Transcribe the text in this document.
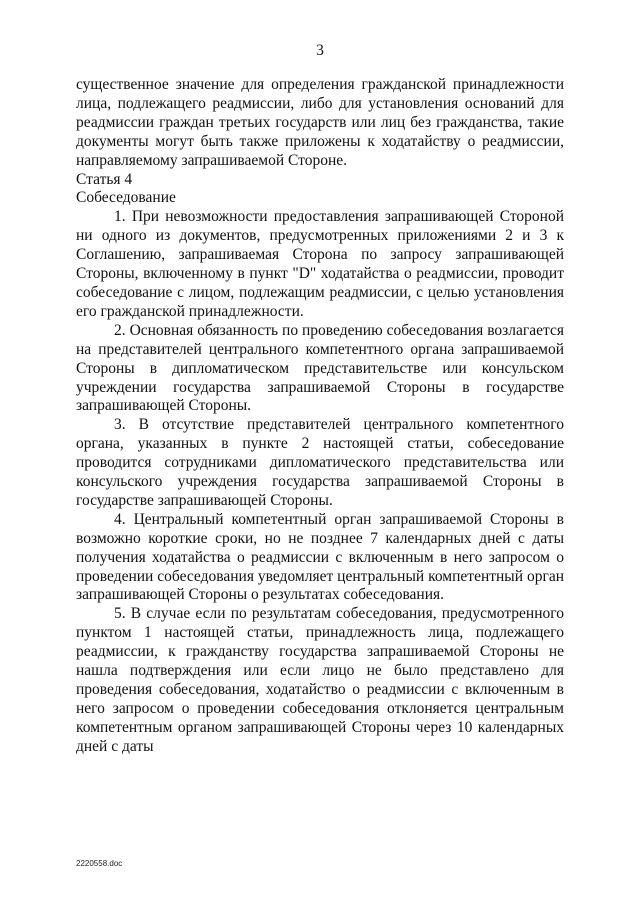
3

существенное значение для определения гражданской принадлежности лица, подлежащего реадмиссии, либо для установления оснований для реадмиссии граждан третьих государств или лиц без гражданства, такие документы могут быть также приложены к ходатайству о реадмиссии, направляемому запрашиваемой Стороне.

Статья 4

Собеседование

1. При невозможности предоставления запрашивающей Стороной ни одного из документов, предусмотренных приложениями 2 и 3 к Соглашению, запрашиваемая Сторона по запросу запрашивающей Стороны, включенному в пункт "D" ходатайства о реадмиссии, проводит собеседование с лицом, подлежащим реадмиссии, с целью установления его гражданской принадлежности.

2. Основная обязанность по проведению собеседования возлагается на представителей центрального компетентного органа запрашиваемой Стороны в дипломатическом представительстве или консульском учреждении государства запрашиваемой Стороны в государстве запрашивающей Стороны.

3. В отсутствие представителей центрального компетентного органа, указанных в пункте 2 настоящей статьи, собеседование проводится сотрудниками дипломатического представительства или консульского учреждения государства запрашиваемой Стороны в государстве запрашивающей Стороны.

4. Центральный компетентный орган запрашиваемой Стороны в возможно короткие сроки, но не позднее 7 календарных дней с даты получения ходатайства о реадмиссии с включенным в него запросом о проведении собеседования уведомляет центральный компетентный орган запрашивающей Стороны о результатах собеседования.

5. В случае если по результатам собеседования, предусмотренного пунктом 1 настоящей статьи, принадлежность лица, подлежащего реадмиссии, к гражданству государства запрашиваемой Стороны не нашла подтверждения или если лицо не было представлено для проведения собеседования, ходатайство о реадмиссии с включенным в него запросом о проведении собеседования отклоняется центральным компетентным органом запрашивающей Стороны через 10 календарных дней с даты

2220558.doc
